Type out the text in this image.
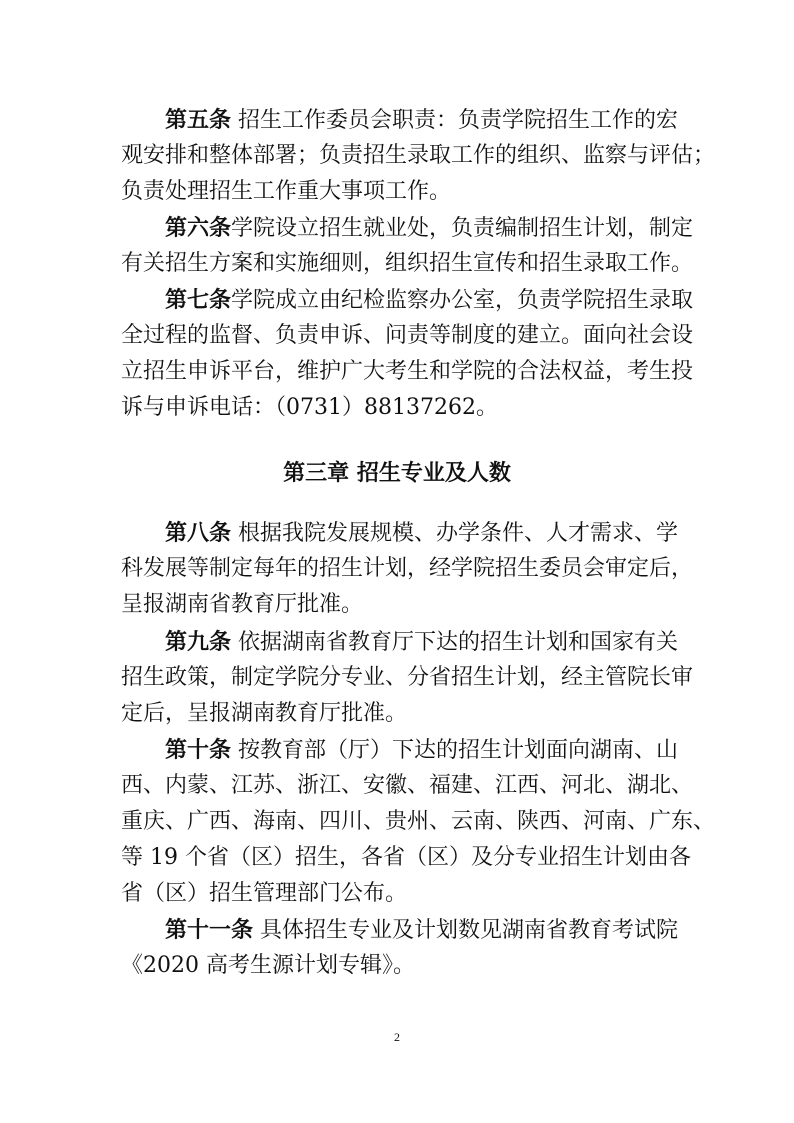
第五条 招生工作委员会职责：负责学院招生工作的宏
观安排和整体部署；负责招生录取工作的组织、监察与评估；
负责处理招生工作重大事项工作。
第六条学院设立招生就业处，负责编制招生计划，制定
有关招生方案和实施细则，组织招生宣传和招生录取工作。
第七条学院成立由纪检监察办公室，负责学院招生录取
全过程的监督、负责申诉、问责等制度的建立。面向社会设
立招生申诉平台，维护广大考生和学院的合法权益，考生投
诉与申诉电话：（0731）88137262。
第三章 招生专业及人数
第八条 根据我院发展规模、办学条件、人才需求、学
科发展等制定每年的招生计划，经学院招生委员会审定后，
呈报湖南省教育厅批准。
第九条 依据湖南省教育厅下达的招生计划和国家有关
招生政策，制定学院分专业、分省招生计划，经主管院长审
定后，呈报湖南教育厅批准。
第十条 按教育部（厅）下达的招生计划面向湖南、山
西、内蒙、江苏、浙江、安徽、福建、江西、河北、湖北、
重庆、广西、海南、四川、贵州、云南、陕西、河南、广东、
等 19 个省（区）招生，各省（区）及分专业招生计划由各
省（区）招生管理部门公布。
第十一条 具体招生专业及计划数见湖南省教育考试院
《2020 高考生源计划专辑》。
2
